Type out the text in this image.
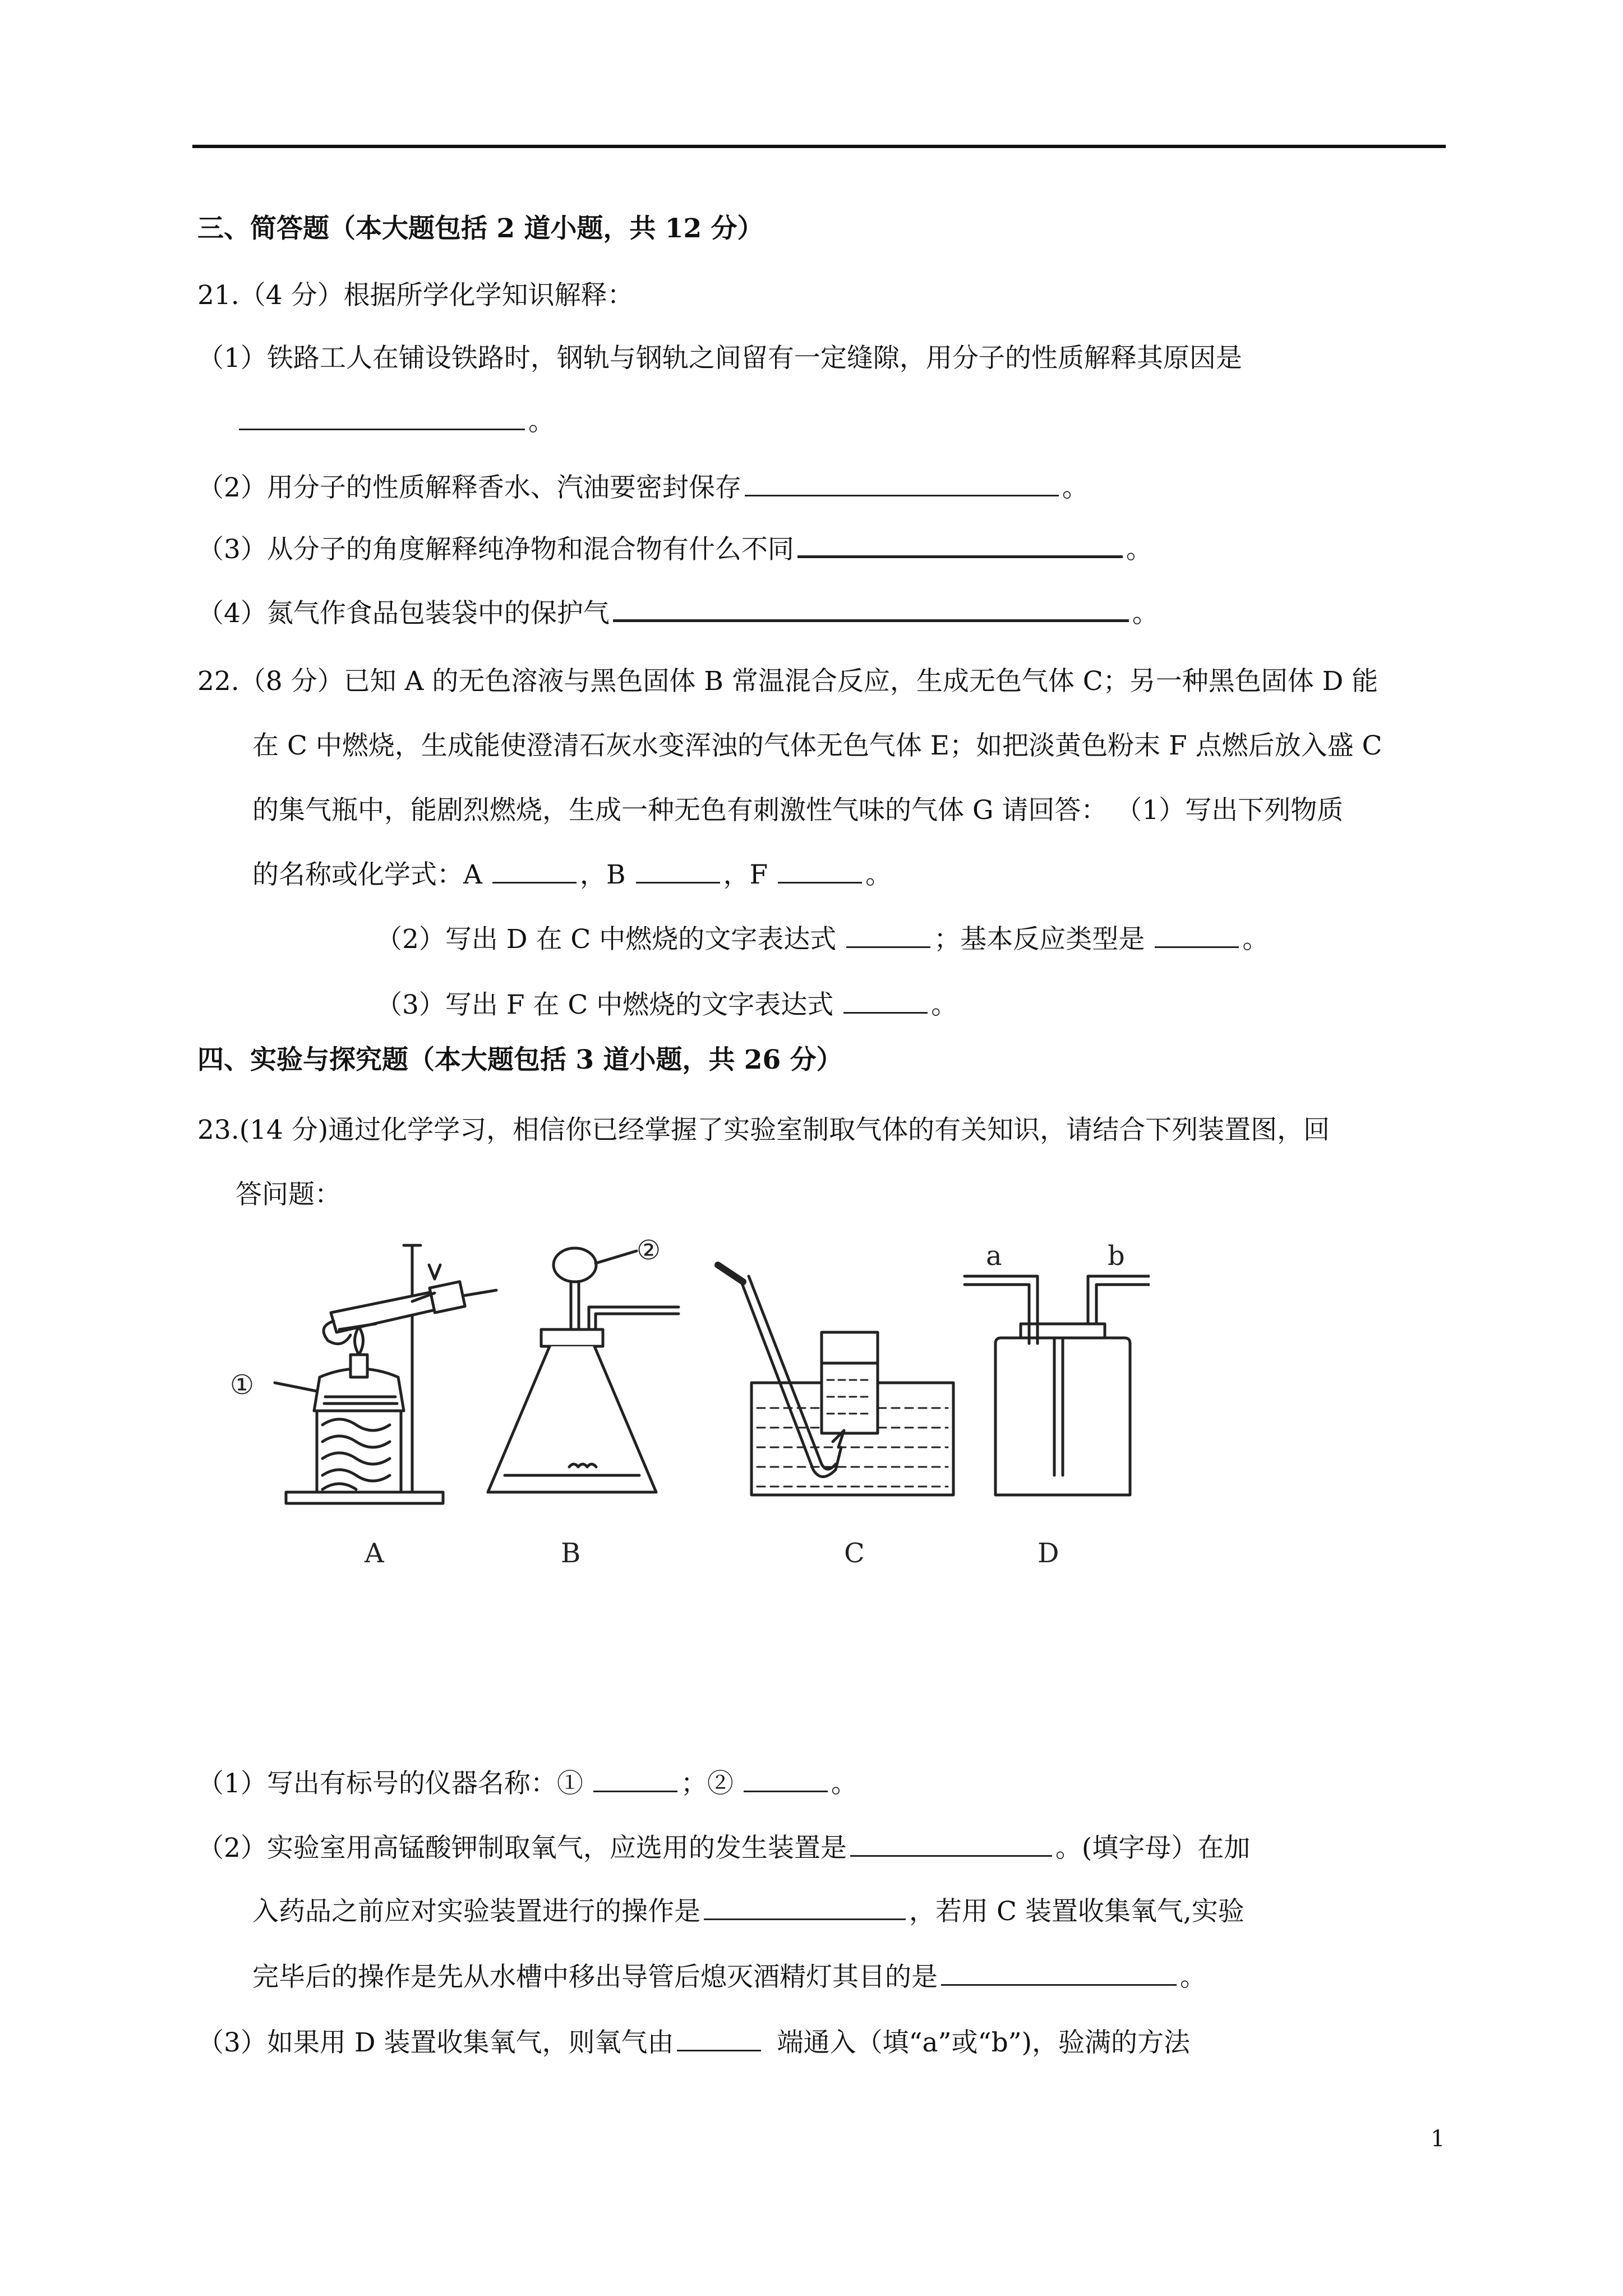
三、简答题（本大题包括 2 道小题，共 12 分）
21.（4 分）根据所学化学知识解释：
（1）铁路工人在铺设铁路时，钢轨与钢轨之间留有一定缝隙，用分子的性质解释其原因是
。
（2）用分子的性质解释香水、汽油要密封保存	。
（3）从分子的角度解释纯净物和混合物有什么不同	。
（4）氮气作食品包装袋中的保护气	。
22.（8 分）已知 A 的无色溶液与黑色固体 B 常温混合反应，生成无色气体 C；另一种黑色固体 D 能
在 C 中燃烧，生成能使澄清石灰水变浑浊的气体无色气体 E；如把淡黄色粉末 F 点燃后放入盛 C
的集气瓶中，能剧烈燃烧，生成一种无色有刺激性气味的气体 G 请回答： （1）写出下列物质
的名称或化学式：A	，B	，F	。
（2）写出 D 在 C 中燃烧的文字表达式	；基本反应类型是	。
（3）写出 F 在 C 中燃烧的文字表达式	。
四、实验与探究题（本大题包括 3 道小题，共 26 分）
23.(14 分)通过化学学习，相信你已经掌握了实验室制取气体的有关知识，请结合下列装置图，回
答问题：
A	B	C	D
①
②	a	b
（1）写出有标号的仪器名称：①	；②	。
（2）实验室用高锰酸钾制取氧气，应选用的发生装置是	。(填字母）在加
入药品之前应对实验装置进行的操作是	，若用 C 装置收集氧气,实验
完毕后的操作是先从水槽中移出导管后熄灭酒精灯其目的是	。
（3）如果用 D 装置收集氧气，则氧气由	端通入（填“a”或“b”)，验满的方法
1
